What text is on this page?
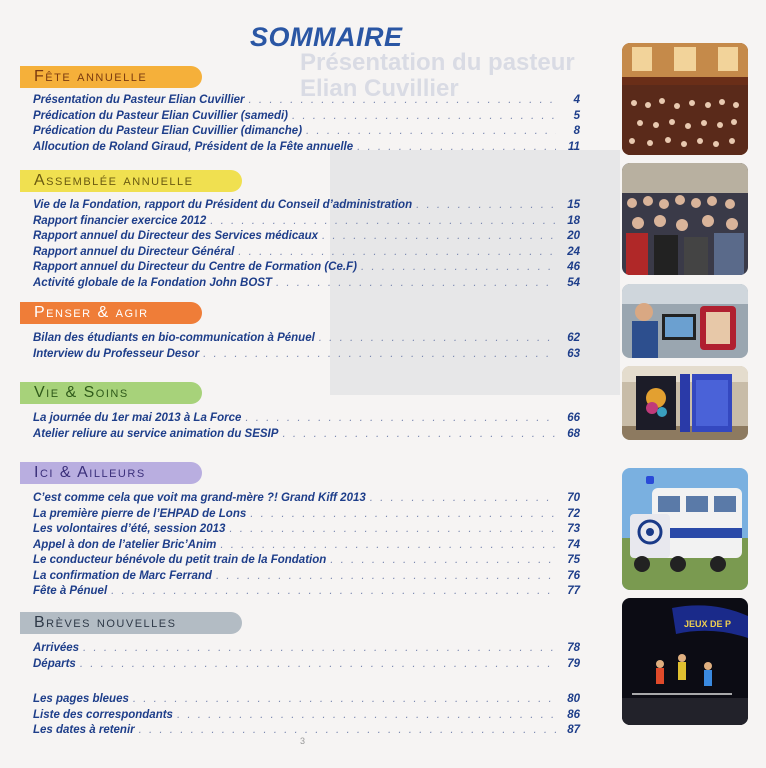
Présentation du pasteur Elian Cuvillier
SOMMAIRE
Fête annuelle
Présentation du Pasteur Elian Cuvillier . . .	4
Prédication du Pasteur Elian Cuvillier (samedi) . . .	5
Prédication du Pasteur Elian Cuvillier (dimanche) . . .	8
Allocution de Roland Giraud, Président de la Fête annuelle . . .	11
Assemblée annuelle
Vie de la Fondation, rapport du Président du Conseil d’administration . . .	15
Rapport financier exercice 2012 . . .	18
Rapport annuel du Directeur des Services médicaux . . .	20
Rapport annuel du Directeur Général . . .	24
Rapport annuel du Directeur du Centre de Formation (Ce.F) . . .	46
Activité globale de la Fondation John BOST . . .	54
Penser & agir
Bilan des étudiants en bio-communication à Pénuel . . .	62
Interview du Professeur Desor . . .	63
Vie & Soins
La journée du 1er mai 2013 à La Force . . .	66
Atelier reliure au service animation du SESIP . . .	68
Ici & Ailleurs
C’est comme cela que voit ma grand-mère ?! Grand Kiff 2013 . . .	70
La première pierre de l’EHPAD de Lons . . .	72
Les volontaires d’été, session 2013 . . .	73
Appel à don de l’atelier Bric’Anim . . .	74
Le conducteur bénévole du petit train de la Fondation . . .	75
La confirmation de Marc Ferrand . . .	76
Fête à Pénuel . . .	77
Brèves nouvelles
Arrivées . . .	78
Départs . . .	79
Les pages bleues . . .	80
Liste des correspondants . . .	86
Les dates à retenir . . .	87
JEUX DE P
3
